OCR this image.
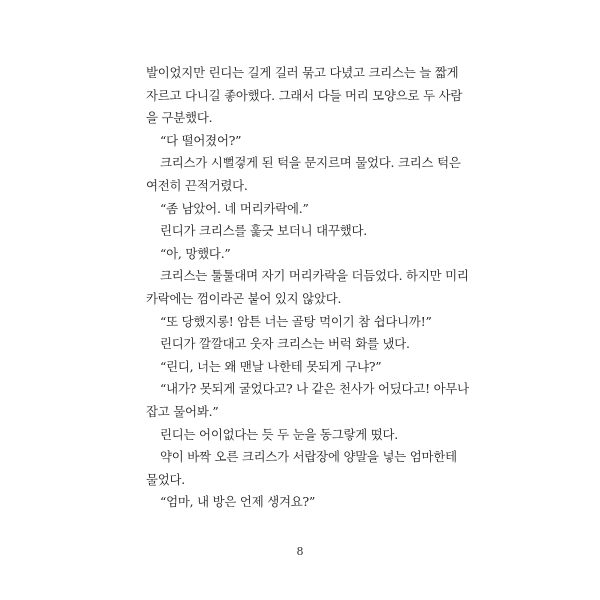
발이었지만 린디는 길게 길러 묶고 다녔고 크리스는 늘 짧게
자르고 다니길 좋아했다. 그래서 다들 머리 모양으로 두 사람
을 구분했다.
“다 떨어졌어?”
크리스가 시뻘겋게 된 턱을 문지르며 물었다. 크리스 턱은
여전히 끈적거렸다.
“좀 남았어. 네 머리카락에.”
린디가 크리스를 훑긋 보더니 대꾸했다.
“아, 망했다.”
크리스는 툴툴대며 자기 머리카락을 더듬었다. 하지만 미리
카락에는 껌이라곤 붙어 있지 않았다.
“또 당했지롱! 암튼 너는 골탕 먹이기 참 쉽다니까!”
린디가 깔깔대고 웃자 크리스는 버럭 화를 냈다.
“린디, 너는 왜 맨날 나한테 못되게 구냐?”
“내가? 못되게 굴었다고? 나 같은 천사가 어딨다고! 아무나
잡고 물어봐.”
린디는 어이없다는 듯 두 눈을 동그랗게 떴다.
약이 바짝 오른 크리스가 서랍장에 양말을 넣는 엄마한테
물었다.
“엄마, 내 방은 언제 생겨요?”
8
